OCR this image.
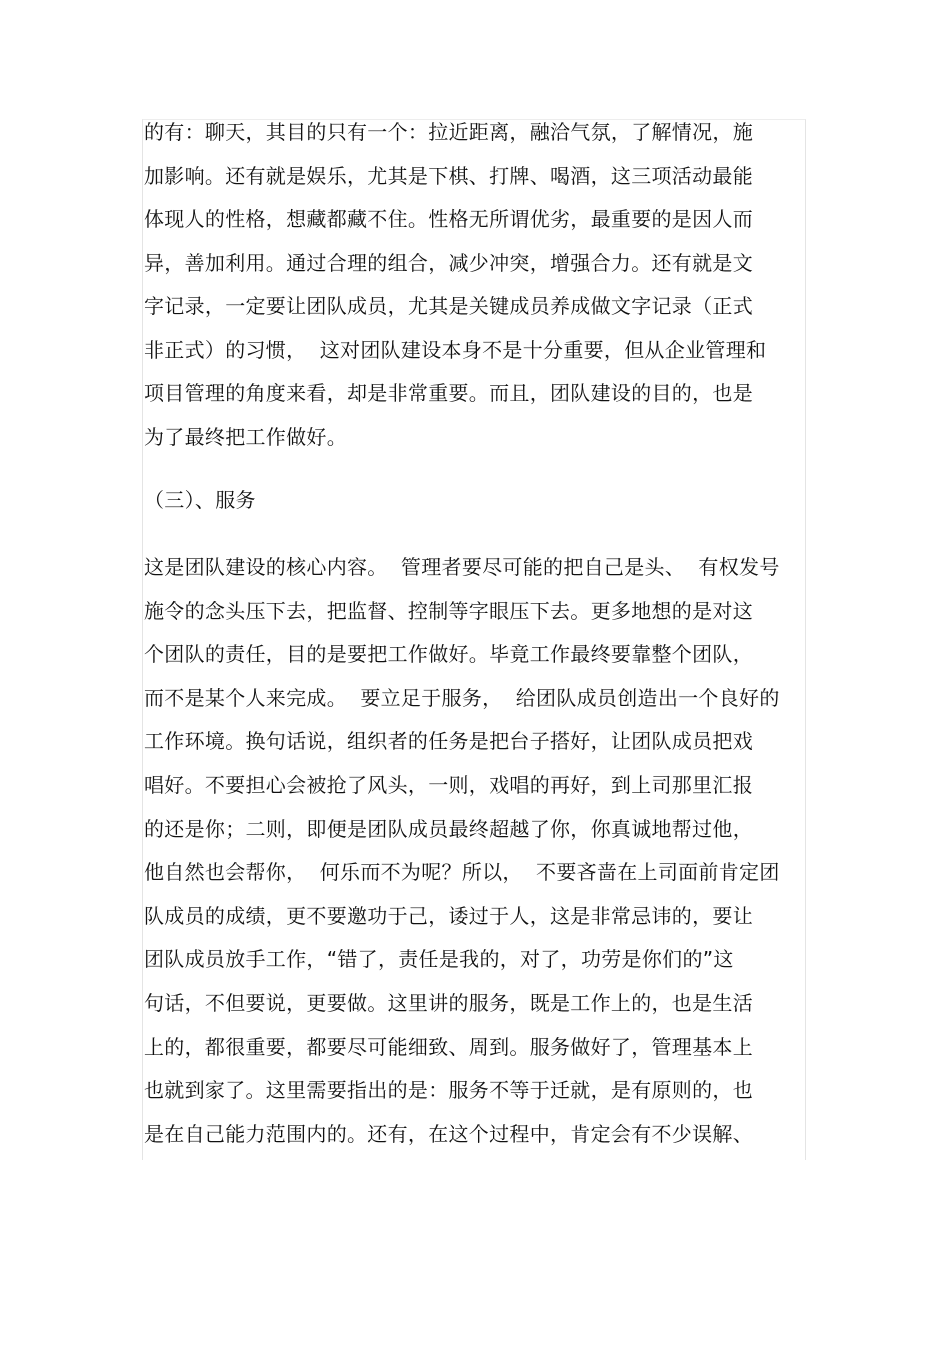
的有：聊天，其目的只有一个：拉近距离，融洽气氛，了解情况，施
加影响。还有就是娱乐，尤其是下棋、打牌、喝酒，这三项活动最能
体现人的性格，想藏都藏不住。性格无所谓优劣，最重要的是因人而
异，善加利用。通过合理的组合，减少冲突，增强合力。还有就是文
字记录，一定要让团队成员，尤其是关键成员养成做文字记录（正式
非正式）的习惯，  这对团队建设本身不是十分重要，但从企业管理和
项目管理的角度来看，却是非常重要。而且，团队建设的目的，也是
为了最终把工作做好。
（三）、服务
这是团队建设的核心内容。  管理者要尽可能的把自己是头、  有权发号
施令的念头压下去，把监督、控制等字眼压下去。更多地想的是对这
个团队的责任，目的是要把工作做好。毕竟工作最终要靠整个团队，
而不是某个人来完成。  要立足于服务，  给团队成员创造出一个良好的
工作环境。换句话说，组织者的任务是把台子搭好，让团队成员把戏
唱好。不要担心会被抢了风头，一则，戏唱的再好，到上司那里汇报
的还是你；二则，即便是团队成员最终超越了你，你真诚地帮过他，
他自然也会帮你，  何乐而不为呢？所以，  不要吝啬在上司面前肯定团
队成员的成绩，更不要邀功于己，诿过于人，这是非常忌讳的，要让
团队成员放手工作，“错了，责任是我的，对了，功劳是你们的”这
句话，不但要说，更要做。这里讲的服务，既是工作上的，也是生活
上的，都很重要，都要尽可能细致、周到。服务做好了，管理基本上
也就到家了。这里需要指出的是：服务不等于迁就，是有原则的，也
是在自己能力范围内的。还有，在这个过程中，肯定会有不少误解、
